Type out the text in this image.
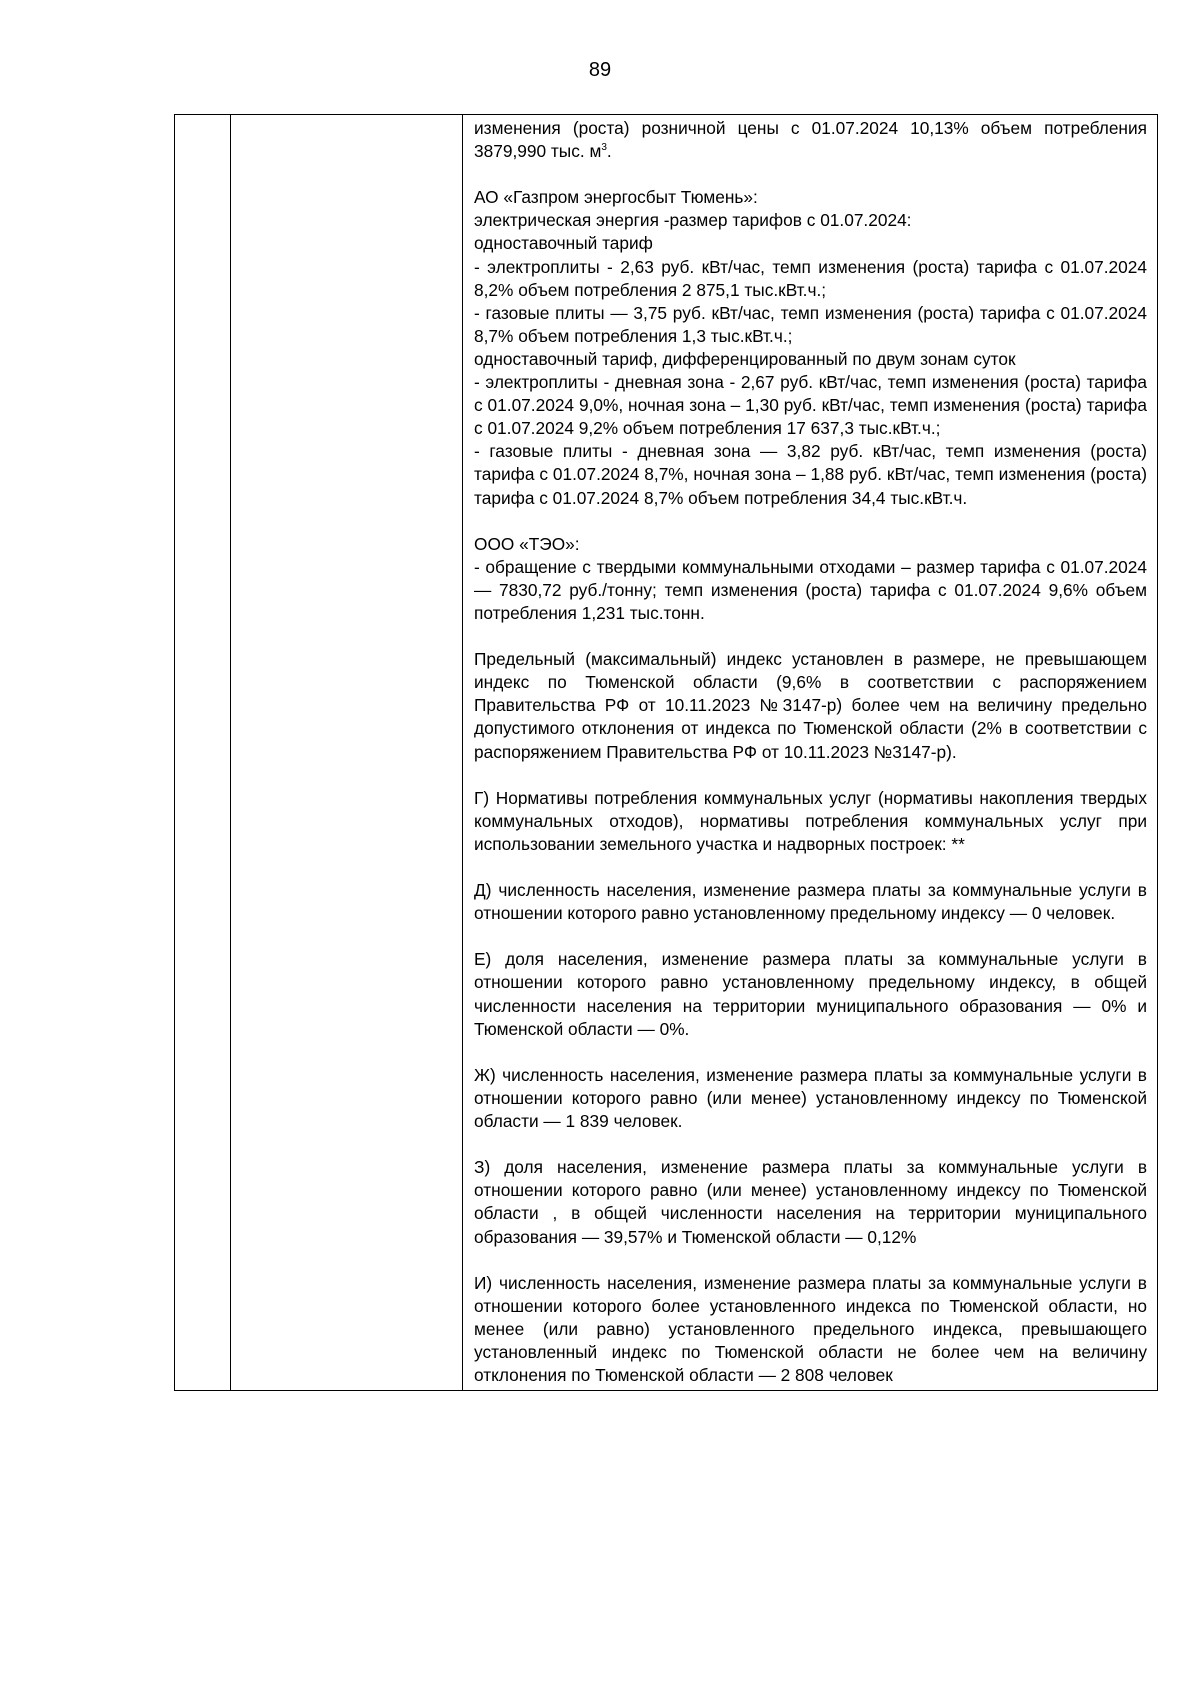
89

изменения (роста) розничной цены с 01.07.2024 10,13% объем потребления 3879,990 тыс. $м^3$.
АО «Газпром энергосбыт Тюмень»:
электрическая энергия -размер тарифов с 01.07.2024:
одноставочный тариф
- электроплиты - 2,63 руб. кВт/час, темп изменения (роста) тарифа с 01.07.2024 8,2% объем потребления 2 875,1 тыс.кВт.ч.;
- газовые плиты — 3,75 руб. кВт/час, темп изменения (роста) тарифа с 01.07.2024 8,7% объем потребления 1,3 тыс.кВт.ч.;
одноставочный тариф, дифференцированный по двум зонам суток
- электроплиты - дневная зона - 2,67 руб. кВт/час, темп изменения (роста) тарифа с 01.07.2024 9,0%, ночная зона – 1,30 руб. кВт/час, темп изменения (роста) тарифа с 01.07.2024 9,2% объем потребления 17 637,3 тыс.кВт.ч.;
- газовые плиты - дневная зона — 3,82 руб. кВт/час, темп изменения (роста) тарифа с 01.07.2024 8,7%, ночная зона – 1,88 руб. кВт/час, темп изменения (роста) тарифа с 01.07.2024 8,7% объем потребления 34,4 тыс.кВт.ч.
ООО «ТЭО»:
- обращение с твердыми коммунальными отходами – размер тарифа с 01.07.2024 — 7830,72 руб./тонну; темп изменения (роста) тарифа с 01.07.2024 9,6% объем потребления 1,231 тыс.тонн.
Предельный (максимальный) индекс установлен в размере, не превышающем индекс по Тюменской области (9,6% в соответствии с распоряжением Правительства РФ от 10.11.2023 №3147-р) более чем на величину предельно допустимого отклонения от индекса по Тюменской области (2% в соответствии с распоряжением Правительства РФ от 10.11.2023 №3147-р).
Г) Нормативы потребления коммунальных услуг (нормативы накопления твердых коммунальных отходов), нормативы потребления коммунальных услуг при использовании земельного участка и надворных построек: **
Д) численность населения, изменение размера платы за коммунальные услуги в отношении которого равно установленному предельному индексу — 0 человек.
Е) доля населения, изменение размера платы за коммунальные услуги в отношении которого равно установленному предельному индексу, в общей численности населения на территории муниципального образования — 0% и Тюменской области — 0%.
Ж) численность населения, изменение размера платы за коммунальные услуги в отношении которого равно (или менее) установленному индексу по Тюменской области — 1 839 человек.
З) доля населения, изменение размера платы за коммунальные услуги в отношении которого равно (или менее) установленному индексу по Тюменской области , в общей численности населения на территории муниципального образования — 39,57% и Тюменской области — 0,12%
И) численность населения, изменение размера платы за коммунальные услуги в отношении которого более установленного индекса по Тюменской области, но менее (или равно) установленного предельного индекса, превышающего установленный индекс по Тюменской области не более чем на величину отклонения по Тюменской области — 2 808 человек
